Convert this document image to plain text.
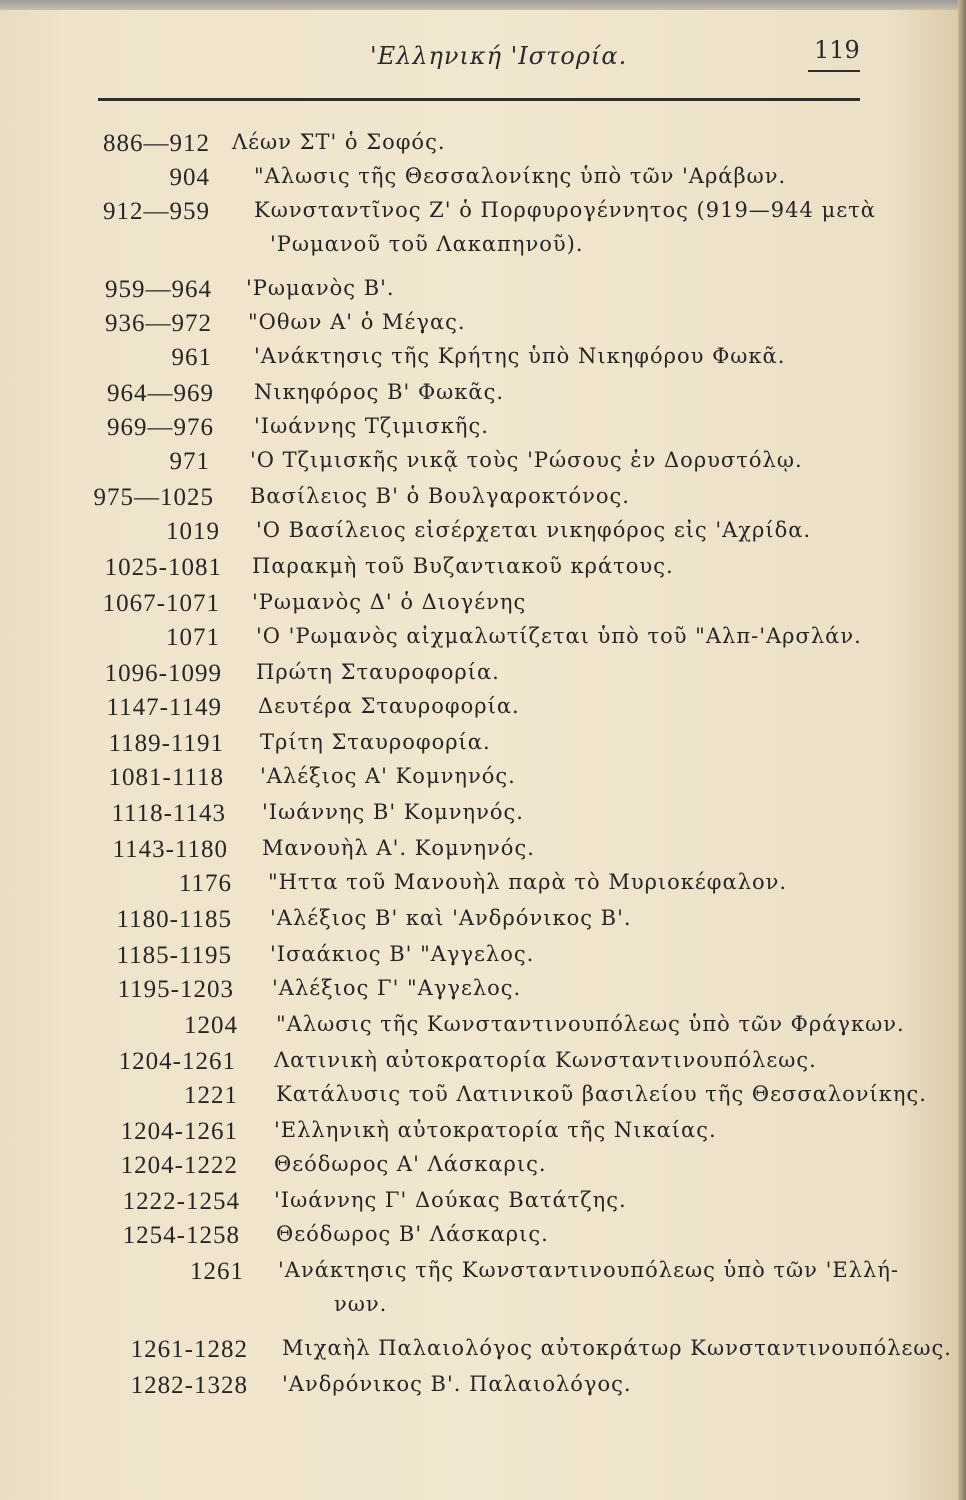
'Ελληνική 'Ιστορία.	119
886—912 Λέων ΣΤ' ὁ Σοφός.
904 "Αλωσις τῆς Θεσσαλονίκης ὑπὸ τῶν 'Αράβων.
912—959 Κωνσταντῖνος Ζ' ὁ Πορφυρογέννητος (919—944 μετὰ
'Ρωμανοῦ τοῦ Λακαπηνοῦ).
959—964 'Ρωμανὸς Β'.
936—972 "Οθων Α' ὁ Μέγας.
961 'Ανάκτησις τῆς Κρήτης ὑπὸ Νικηφόρου Φωκᾶ.
964—969 Νικηφόρος Β' Φωκᾶς.
969—976 'Ιωάννης Τζιμισκῆς.
971 'Ο Τζιμισκῆς νικᾷ τοὺς 'Ρώσους ἐν Δορυστόλῳ.
975—1025 Βασίλειος Β' ὁ Βουλγαροκτόνος.
1019 'Ο Βασίλειος εἰσέρχεται νικηφόρος εἰς 'Αχρίδα.
1025-1081 Παρακμὴ τοῦ Βυζαντιακοῦ κράτους.
1067-1071 'Ρωμανὸς Δ' ὁ Διογένης
1071 'Ο 'Ρωμανὸς αἰχμαλωτίζεται ὑπὸ τοῦ "Αλπ-'Αρσλάν.
1096-1099 Πρώτη Σταυροφορία.
1147-1149 Δευτέρα Σταυροφορία.
1189-1191 Τρίτη Σταυροφορία.
1081-1118 'Αλέξιος Α' Κομνηνός.
1118-1143 'Ιωάννης Β' Κομνηνός.
1143-1180 Μανουὴλ Α'. Κομνηνός.
1176 "Ηττα τοῦ Μανουὴλ παρὰ τὸ Μυριοκέφαλον.
1180-1185 'Αλέξιος Β' καὶ 'Ανδρόνικος Β'.
1185-1195 'Ισαάκιος Β' "Αγγελος.
1195-1203 'Αλέξιος Γ' "Αγγελος.
1204 "Αλωσις τῆς Κωνσταντινουπόλεως ὑπὸ τῶν Φράγκων.
1204-1261 Λατινικὴ αὐτοκρατορία Κωνσταντινουπόλεως.
1221 Κατάλυσις τοῦ Λατινικοῦ βασιλείου τῆς Θεσσαλονίκης.
1204-1261 'Ελληνικὴ αὐτοκρατορία τῆς Νικαίας.
1204-1222 Θεόδωρος Α' Λάσκαρις.
1222-1254 'Ιωάννης Γ' Δούκας Βατάτζης.
1254-1258 Θεόδωρος Β' Λάσκαρις.
1261 'Ανάκτησις τῆς Κωνσταντινουπόλεως ὑπὸ τῶν 'Ελλή-
νων.
1261-1282 Μιχαὴλ Παλαιολόγος αὐτοκράτωρ Κωνσταντινουπόλεως.
1282-1328 'Ανδρόνικος Β'. Παλαιολόγος.
